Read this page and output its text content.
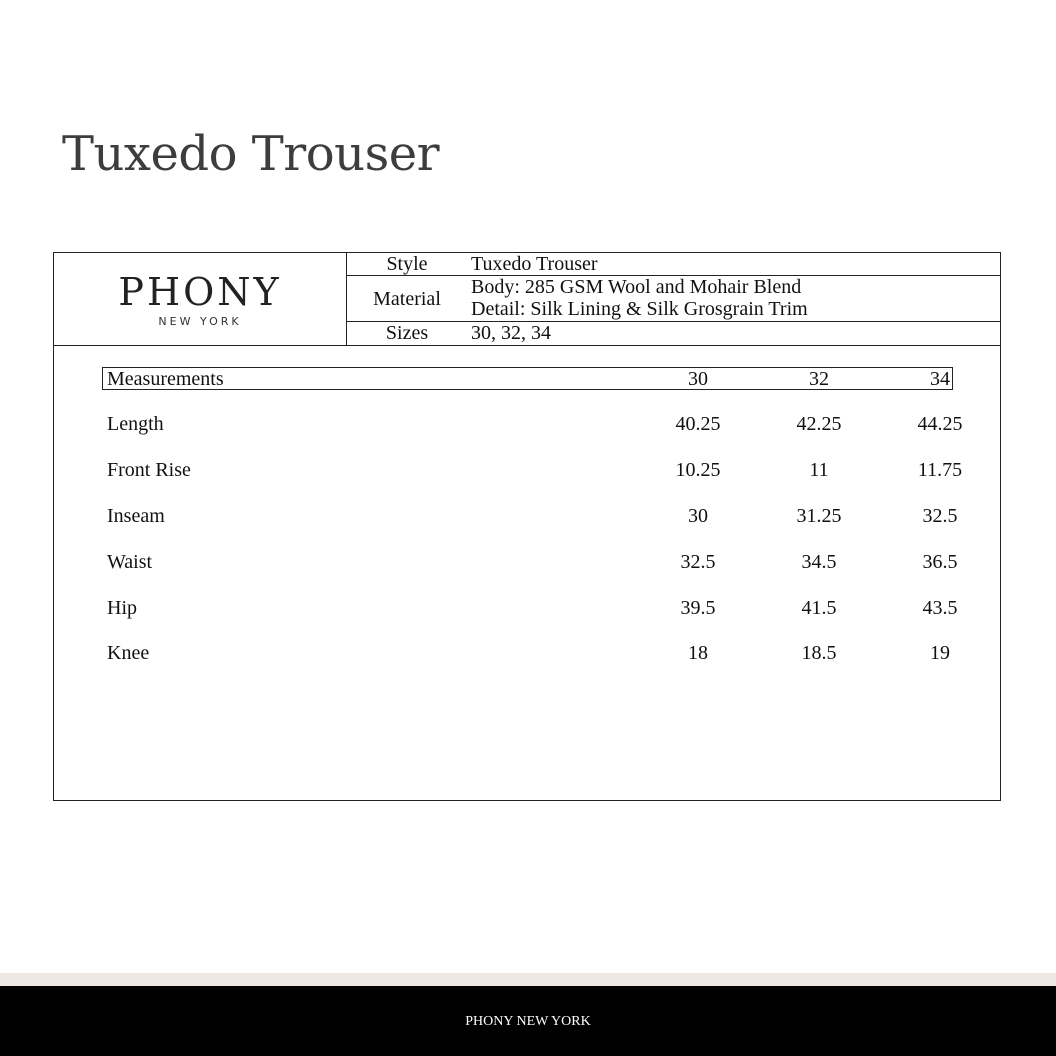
Tuxedo Trouser
PHONY
NEW YORK
Style	Tuxedo Trouser
Material
Body: 285 GSM Wool and Mohair Blend
Detail: Silk Lining & Silk Grosgrain Trim
Sizes	30, 32, 34
Measurements	30	32	34
Length	40.25	42.25	44.25
Front Rise	10.25	11	11.75
Inseam	30	31.25	32.5
Waist	32.5	34.5	36.5
Hip	39.5	41.5	43.5
Knee	18	18.5	19
PHONY NEW YORK
